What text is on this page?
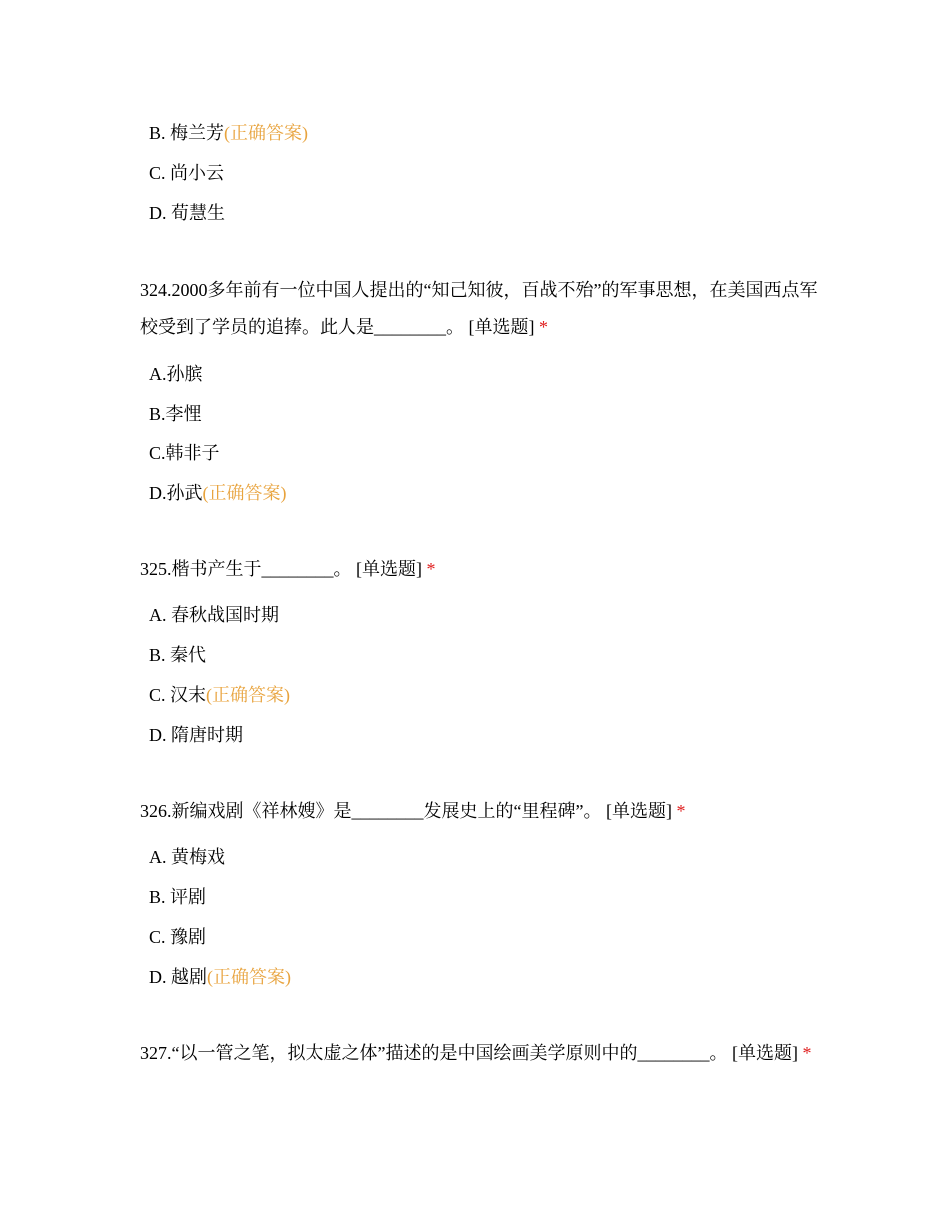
B. 梅兰芳(正确答案)
C. 尚小云
D. 荀慧生
324.2000多年前有一位中国人提出的“知己知彼，百战不殆”的军事思想，在美国西点军校受到了学员的追捧。此人是________。 [单选题] *
A.孙膑
B.李悝
C.韩非子
D.孙武(正确答案)
325.楷书产生于________。 [单选题] *
A. 春秋战国时期
B. 秦代
C. 汉末(正确答案)
D. 隋唐时期
326.新编戏剧《祥林嫂》是________发展史上的“里程碑”。 [单选题] *
A. 黄梅戏
B. 评剧
C. 豫剧
D. 越剧(正确答案)
327.“以一管之笔，拟太虚之体”描述的是中国绘画美学原则中的________。 [单选题] *
